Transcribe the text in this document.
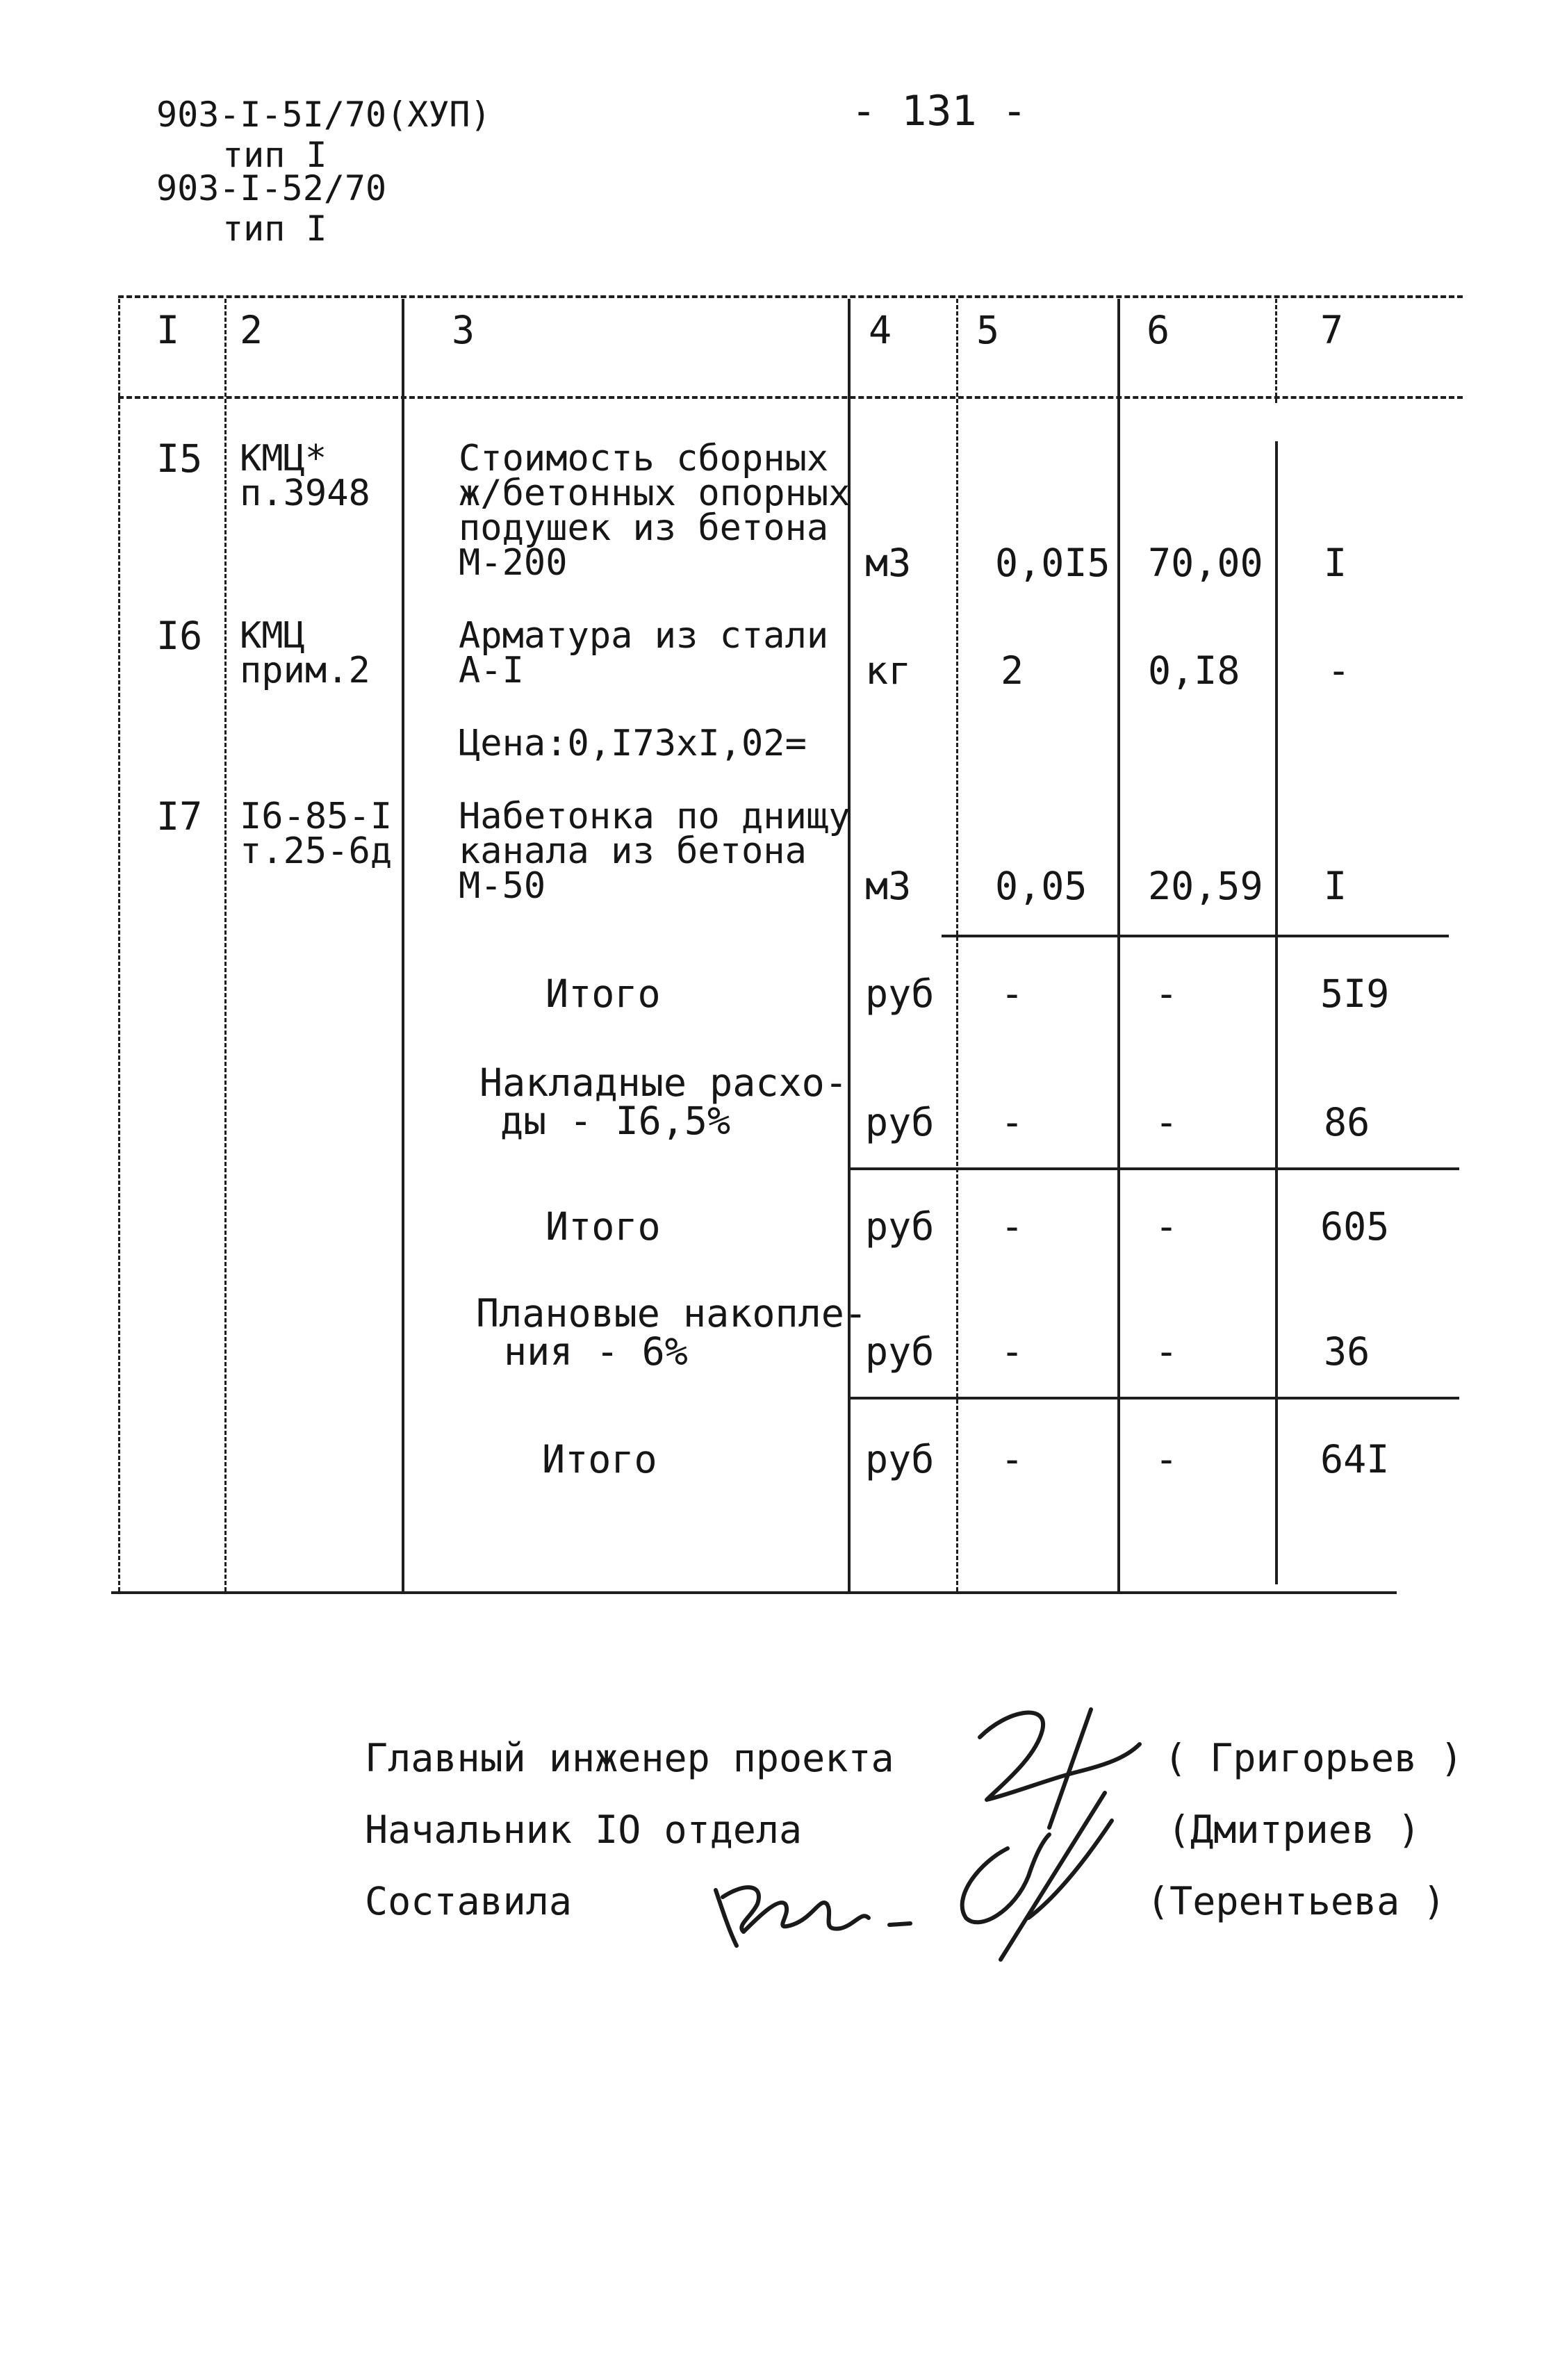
903-I-5I/70(XУП)
тип I
903-I-52/70
тип I
- 131 -
I 2	3	4 5	6	7
I5 КМЦ*
п.3948
Стоимость сборных
ж/бетонных опорных
подушек из бетона
М-200	м3 0,0I5 70,00 I
I6 КМЦ
прим.2
Арматура из стали
А-I	кг 2	0,I8 -
Цена:0,I73хI,02=
I7 I6-85-I
т.25-6д
Набетонка по днищу
канала из бетона
М-50	м3 0,05 20,59 I
Итого	руб -	-	5I9
Накладные расхо-
ды - I6,5%	руб -	-	86
Итого	руб -	-	605
Плановые накопле-
ния - 6%	руб -	-	36
Итого	руб -	-	64I
Главный инженер проекта	( Григорьев )
Начальник IO отдела	(Дмитриев )
Составила	(Терентьева )
